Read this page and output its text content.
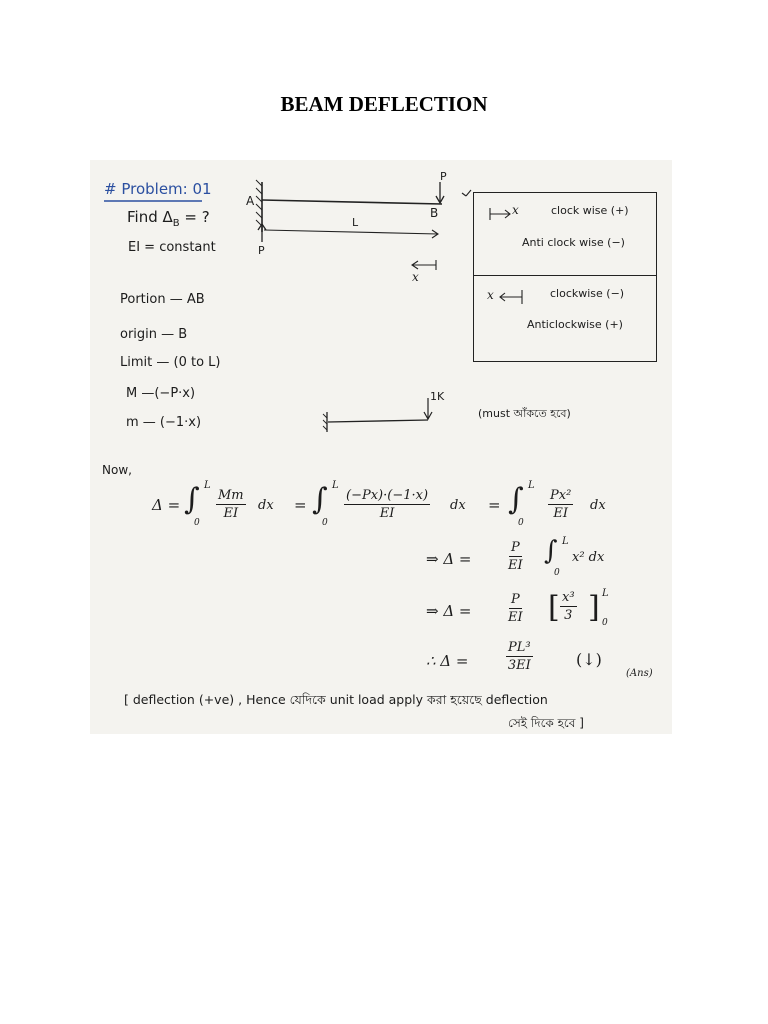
BEAM DEFLECTION
# Problem: 01
Find $\Delta_B$ = ?
EI = constant
A
B
P
P
L
x
x
x
clock wise (+)
Anti clock wise (−)
clockwise (−)
Anticlockwise (+)
Portion — AB
origin — B
Limit — (0 to L)
M —(−P·x)
m — (−1·x)
1K
(must আঁকতে হবে)
Now,
Δ = ∫ L
0
$\frac{Mm}{EI}$ dx = ∫ L
0
$\frac{(-Px)\cdot(-1\cdot x)}{EI}$ dx = ∫ L
0
$\frac{\text{Px²}}{EI}$ dx
⇒ Δ =	$\frac{P}{EI}$ ∫ L
0
x² dx
⇒ Δ =	$\frac{P}{EI}$ [ $\frac{\text{x³}}{3}$ ] L
0
∴ Δ =	$\frac{\text{PL³}}{3EI}$	(↓)
(Ans)
[ deflection (+ve) , Hence যেদিকে unit load apply করা হয়েছে deflection
সেই দিকে হবে ]
